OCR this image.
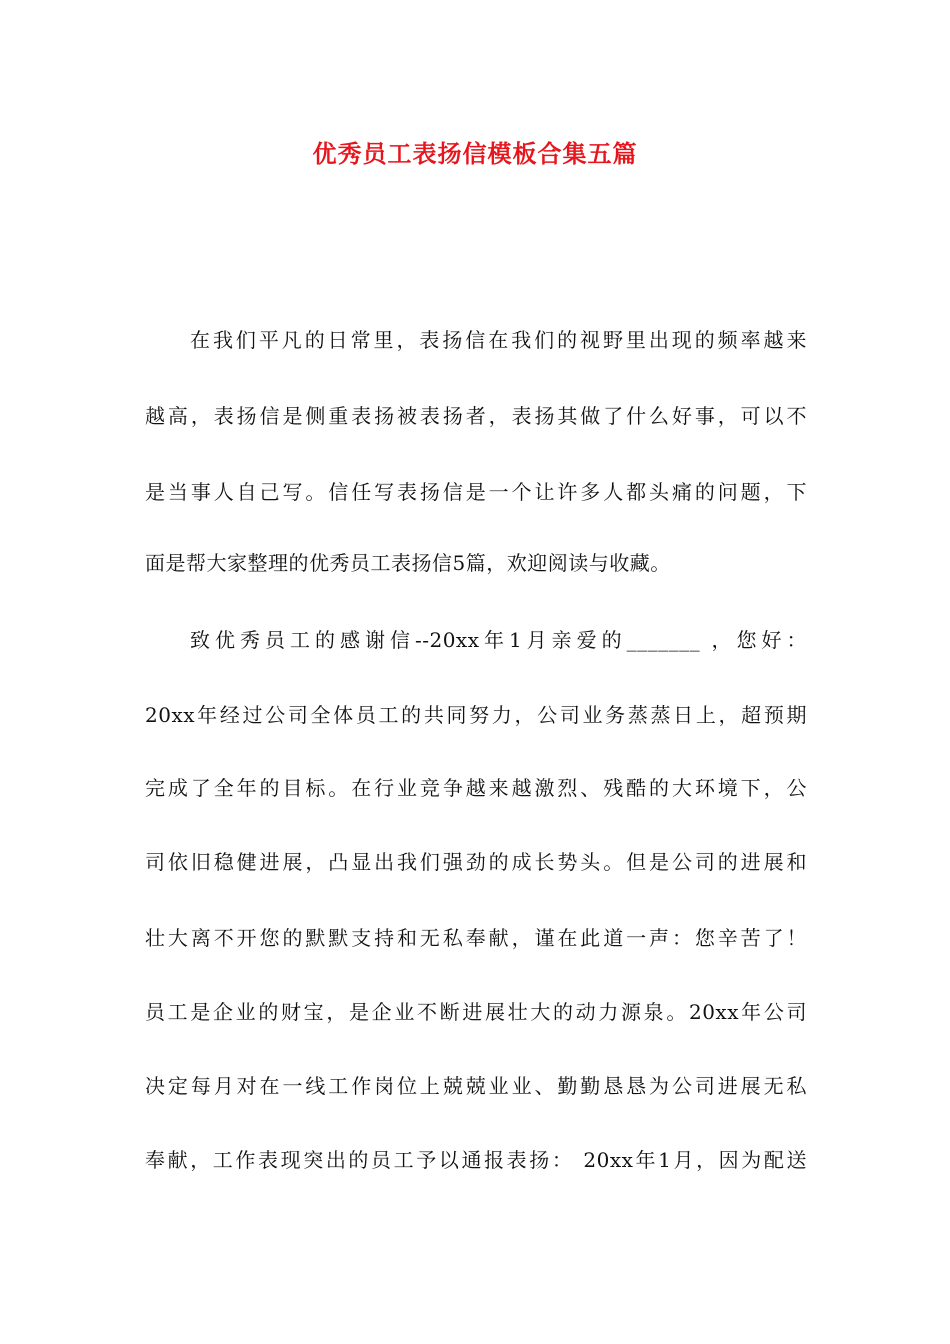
优秀员工表扬信模板合集五篇
在我们平凡的日常里，表扬信在我们的视野里出现的频率越来
越高，表扬信是侧重表扬被表扬者，表扬其做了什么好事，可以不
是当事人自己写。信任写表扬信是一个让许多人都头痛的问题，下
面是帮大家整理的优秀员工表扬信5篇，欢迎阅读与收藏。
致优秀员工的感谢信--20xx年1月亲爱的_______ ，您好：
20xx年经过公司全体员工的共同努力，公司业务蒸蒸日上，超预期
完成了全年的目标。在行业竞争越来越激烈、残酷的大环境下，公
司依旧稳健进展，凸显出我们强劲的成长势头。但是公司的进展和
壮大离不开您的默默支持和无私奉献，谨在此道一声：您辛苦了！
员工是企业的财宝，是企业不断进展壮大的动力源泉。20xx年公司
决定每月对在一线工作岗位上兢兢业业、勤勤恳恳为公司进展无私
奉献，工作表现突出的员工予以通报表扬： 20xx年1月，因为配送
